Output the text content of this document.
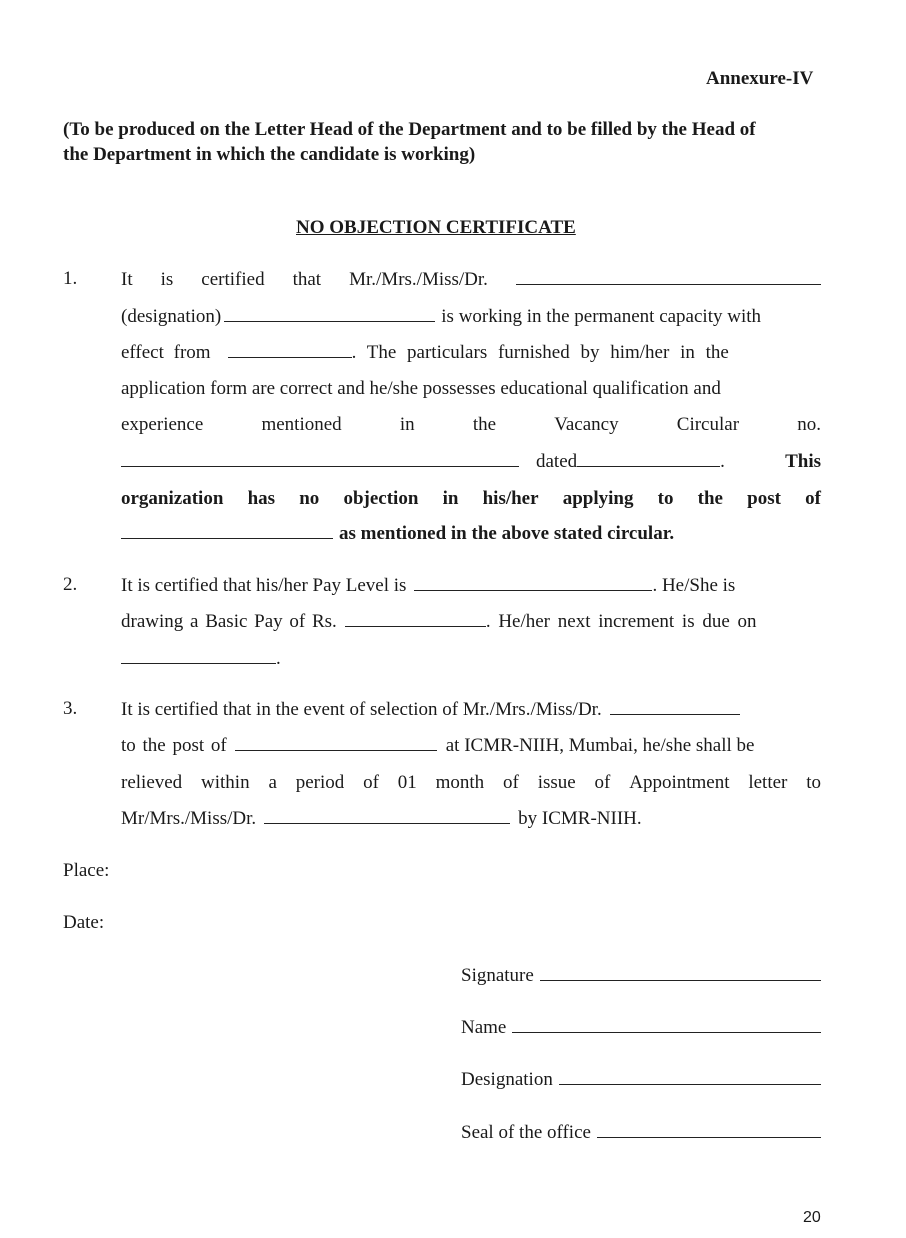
Annexure-IV
(To be produced on the Letter Head of the Department and to be filled by the Head of
the Department in which the candidate is working)
NO OBJECTION CERTIFICATE
1. It is certified that Mr./Mrs./Miss/Dr.
(designation)	is working in the permanent capacity with
effect from	. The particulars furnished by him/her in the
application form are correct and he/she possesses educational qualification and
experience	mentioned	in	the	Vacancy	Circular	no.
dated	.	This
organization has no objection in his/her applying to the post of
as mentioned in the above stated circular.
2. It is certified that his/her Pay Level is	. He/She is
drawing a Basic Pay of Rs.	. He/her next increment is due on
.
3. It is certified that in the event of selection of Mr./Mrs./Miss/Dr.
to the post of	at ICMR-NIIH, Mumbai, he/she shall be
relieved within a period of 01 month of issue of Appointment letter to
Mr/Mrs./Miss/Dr.	by ICMR-NIIH.
Place:
Date:
Signature
Name
Designation
Seal of the office
20
